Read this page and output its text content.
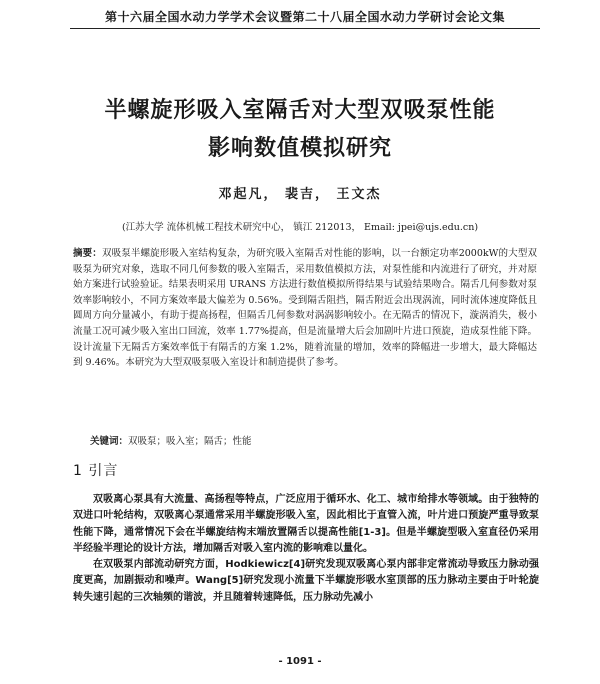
第十六届全国水动力学学术会议暨第二十八届全国水动力学研讨会论文集
半螺旋形吸入室隔舌对大型双吸泵性能
影响数值模拟研究
邓起凡， 裴吉， 王文杰
(江苏大学 流体机械工程技术研究中心， 镇江 212013， Email: jpei@ujs.edu.cn)
摘要：双吸泵半螺旋形吸入室结构复杂，为研究吸入室隔舌对性能的影响，以一台额定功率2000kW的大型双吸泵为研究对象，选取不同几何参数的吸入室隔舌，采用数值模拟方法，对泵性能和内流进行了研究，并对原始方案进行试验验证。结果表明采用 URANS 方法进行数值模拟所得结果与试验结果吻合。隔舌几何参数对泵效率影响较小，不同方案效率最大偏差为 0.56%。受到隔舌阻挡，隔舌附近会出现涡流，同时流体速度降低且圆周方向分量减小，有助于提高扬程，但隔舌几何参数对涡涡影响较小。在无隔舌的情况下，漩涡消失，极小流量工况可减少吸入室出口回流，效率 1.77%提高，但是流量增大后会加剧叶片进口预旋，造成泵性能下降。设计流量下无隔舌方案效率低于有隔舌的方案 1.2%，随着流量的增加，效率的降幅进一步增大，最大降幅达到 9.46%。本研究为大型双吸泵吸入室设计和制造提供了参考。
关键词：双吸泵；吸入室；隔舌；性能
1 引言

双吸离心泵具有大流量、高扬程等特点，广泛应用于循环水、化工、城市给排水等领域。由于独特的双进口叶轮结构，双吸离心泵通常采用半螺旋形吸入室，因此相比于直管入流，叶片进口预旋严重导致泵性能下降，通常情况下会在半螺旋结构末端放置隔舌以提高性能[1-3]。但是半螺旋型吸入室直径仍采用半经验半理论的设计方法，增加隔舌对吸入室内流的影响难以量化。

在双吸泵内部流动研究方面，Hodkiewicz[4]研究发现双吸离心泵内部非定常流动导致压力脉动强度更高，加剧振动和噪声。Wang[5]研究发现小流量下半螺旋形吸水室顶部的压力脉动主要由于叶轮旋转失速引起的三次轴频的谐波，并且随着转速降低，压力脉动先减小

- 1091 -
